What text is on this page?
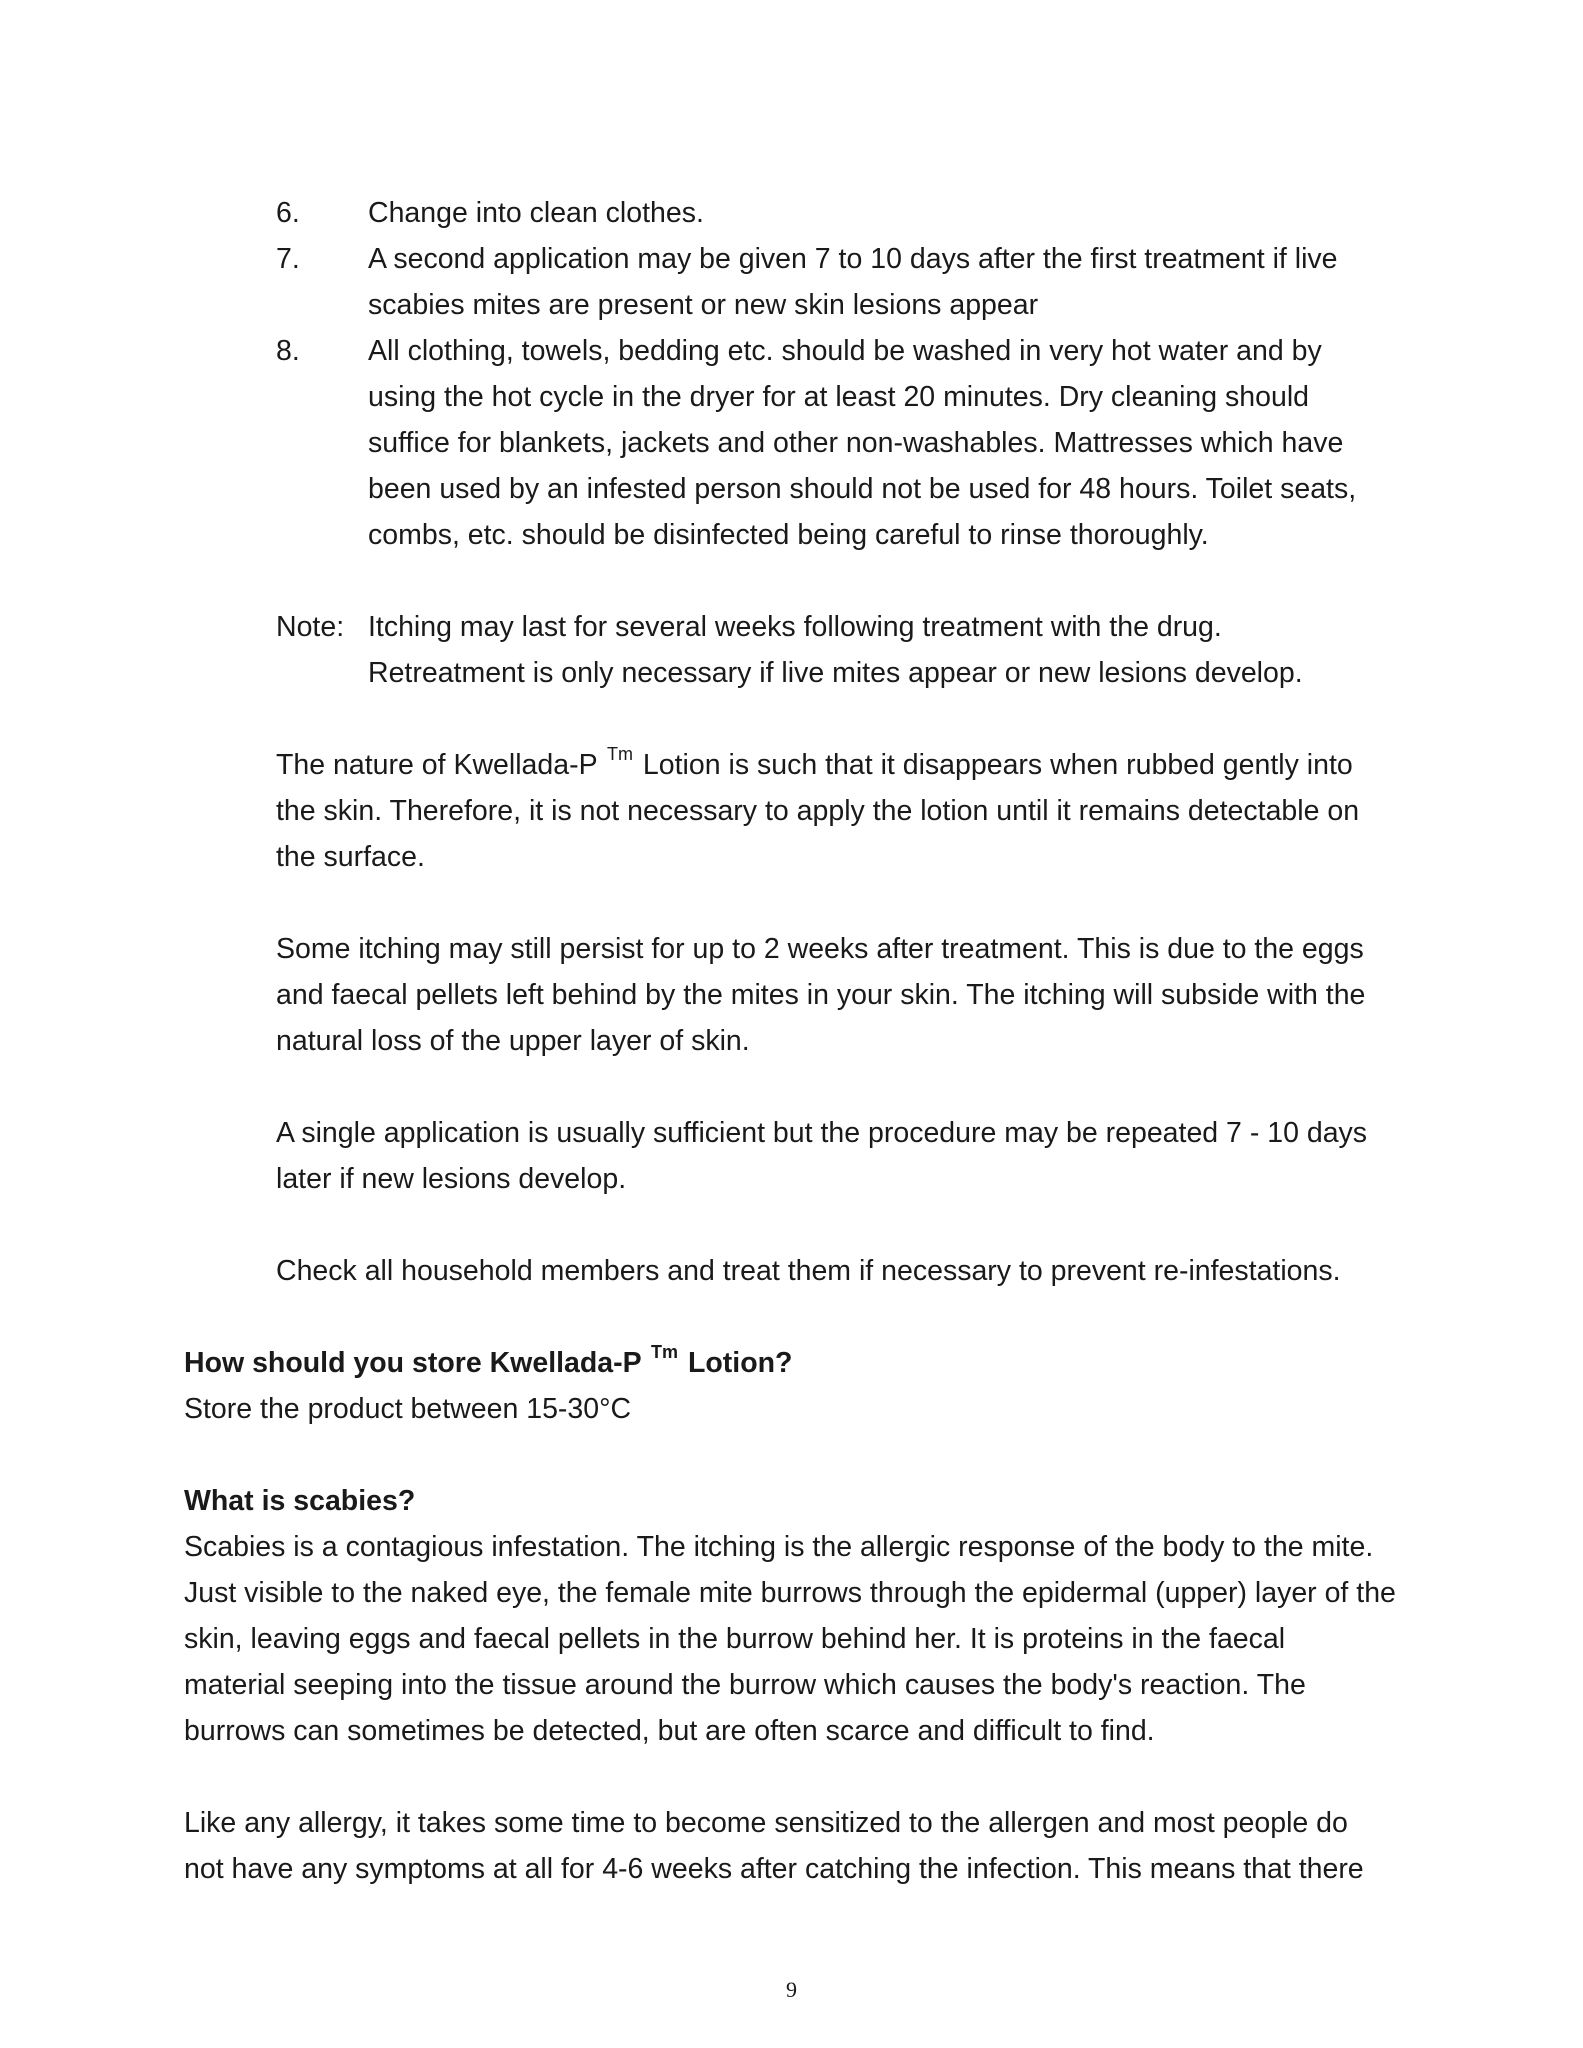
6. Change into clean clothes.

7. A second application may be given 7 to 10 days after the first treatment if live

scabies mites are present or new skin lesions appear

8. All clothing, towels, bedding etc. should be washed in very hot water and by

using the hot cycle in the dryer for at least 20 minutes. Dry cleaning should

suffice for blankets, jackets and other non-washables. Mattresses which have

been used by an infested person should not be used for 48 hours. Toilet seats,

combs, etc. should be disinfected being careful to rinse thoroughly.

Note: Itching may last for several weeks following treatment with the drug.

Retreatment is only necessary if live mites appear or new lesions develop.

The nature of Kwellada-P $^{Tm}$ Lotion is such that it disappears when rubbed gently into

the skin. Therefore, it is not necessary to apply the lotion until it remains detectable on

the surface.

Some itching may still persist for up to 2 weeks after treatment. This is due to the eggs

and faecal pellets left behind by the mites in your skin. The itching will subside with the

natural loss of the upper layer of skin.

A single application is usually sufficient but the procedure may be repeated 7 - 10 days

later if new lesions develop.

Check all household members and treat them if necessary to prevent re-infestations.

How should you store Kwellada-P $^{Tm}$ Lotion?

Store the product between 15-30°C

What is scabies?

Scabies is a contagious infestation. The itching is the allergic response of the body to the mite.

Just visible to the naked eye, the female mite burrows through the epidermal (upper) layer of the

skin, leaving eggs and faecal pellets in the burrow behind her. It is proteins in the faecal

material seeping into the tissue around the burrow which causes the body's reaction. The

burrows can sometimes be detected, but are often scarce and difficult to find.

Like any allergy, it takes some time to become sensitized to the allergen and most people do

not have any symptoms at all for 4-6 weeks after catching the infection. This means that there

9
